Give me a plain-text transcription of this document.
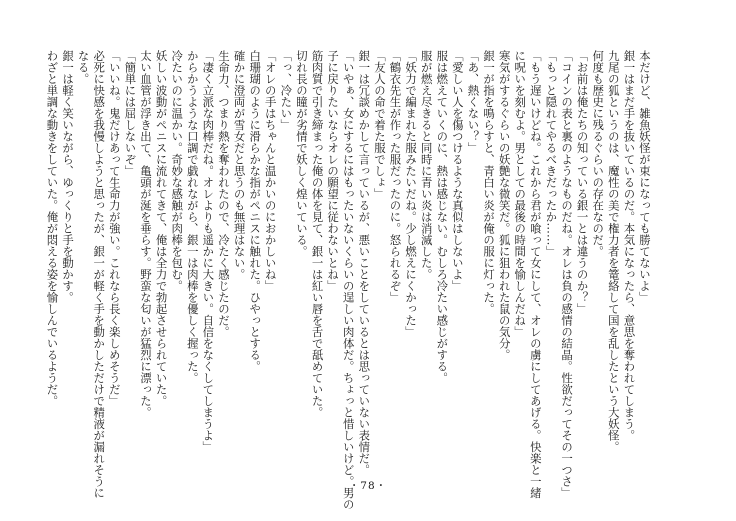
本だけど、雑魚妖怪が束になっても勝てないよ」
銀一はまだ手を抜いているのだ。本気になったら、意思を奪われてしまう。
九尾の狐というのは、魔性の美で権力者を篭絡して国を乱したという大妖怪。
何度も歴史に残るぐらいの存在なのだ。
「お前は俺たちの知っている銀一とは違うのか？」
「コインの表と裏のようなものだね。オレは負の感情の結晶。性欲だってその一つさ」
「もっと隠れてやるべきだったか……」
「もう遅いけどね。これから君が喰って女にして、オレの虜にしてあげる。快楽と一緒
に呪いを刻むよ。男としての最後の時間を愉しんだね」
寒気がするぐらいの妖艶な微笑だ。狐に狙われた鼠の気分。
銀一が指を鳴らすと、青白い炎が俺の服に灯った。
「あ、熱くない？」
「愛しい人を傷つけるような真似はしないよ」
服は燃えていくのに、熱は感じない。むしろ冷たい感じがする。
服が燃え尽きると同時に青い炎は消滅した。
「妖力で編まれた服みたいだね。少し燃えにくかった」
「鶴衣先生が作った服だったのに。怒られるぞ」
「友人の命で着た服でしょ」
銀一は冗談めかして言っているが、悪いことをしているとは思っていない表情だ。
「いやぁ、女にするにはもったいないくらいの逞しい肉体だ。ちょっと惜しいけど。男の
子に戻りたいならオレの願望に従わないとね」
筋肉質で引き締まった俺の体を見て、銀一は紅い唇を舌で舐めていた。
切れ長の瞳が劣情で妖しく煌いている。
「っ、冷たい」
「オレの手はちゃんと温かいのにおかしいね」
白珊瑚のように滑らかな指がペニスに触れた。ひやっとする。
確かに澄両が雪女だと思うのも無理はない。
生命力、つまり熱を奪われたので、冷たく感じたのだ。
「凄く立派な肉棒だね。オレよりも遥かに大きい。自信をなくしてしまうよ」
からかうような口調で戯れながら、銀一は肉棒を優しく握った。
冷たいのに温かい。奇妙な感触が肉棒を包む。
妖しい波動がペニスに流れてきて、俺は全力で勃起させられていた。
太い血管が浮き出て、亀頭が涎を垂らす。野蛮な匂いが猛烈に漂った。
「簡単には屈しないぞ」
「いいね。鬼だけあって生命力が強い。これなら長く楽しめそうだ」
必死に快感を我慢しようと思ったが、銀一が軽く手を動かしただけで精液が漏れそうに
なる。
銀一は軽く笑いながら、ゆっくりと手を動かす。
わざと単調な動きをしていた。俺が悶える姿を愉しんでいるようだ。
・78・
